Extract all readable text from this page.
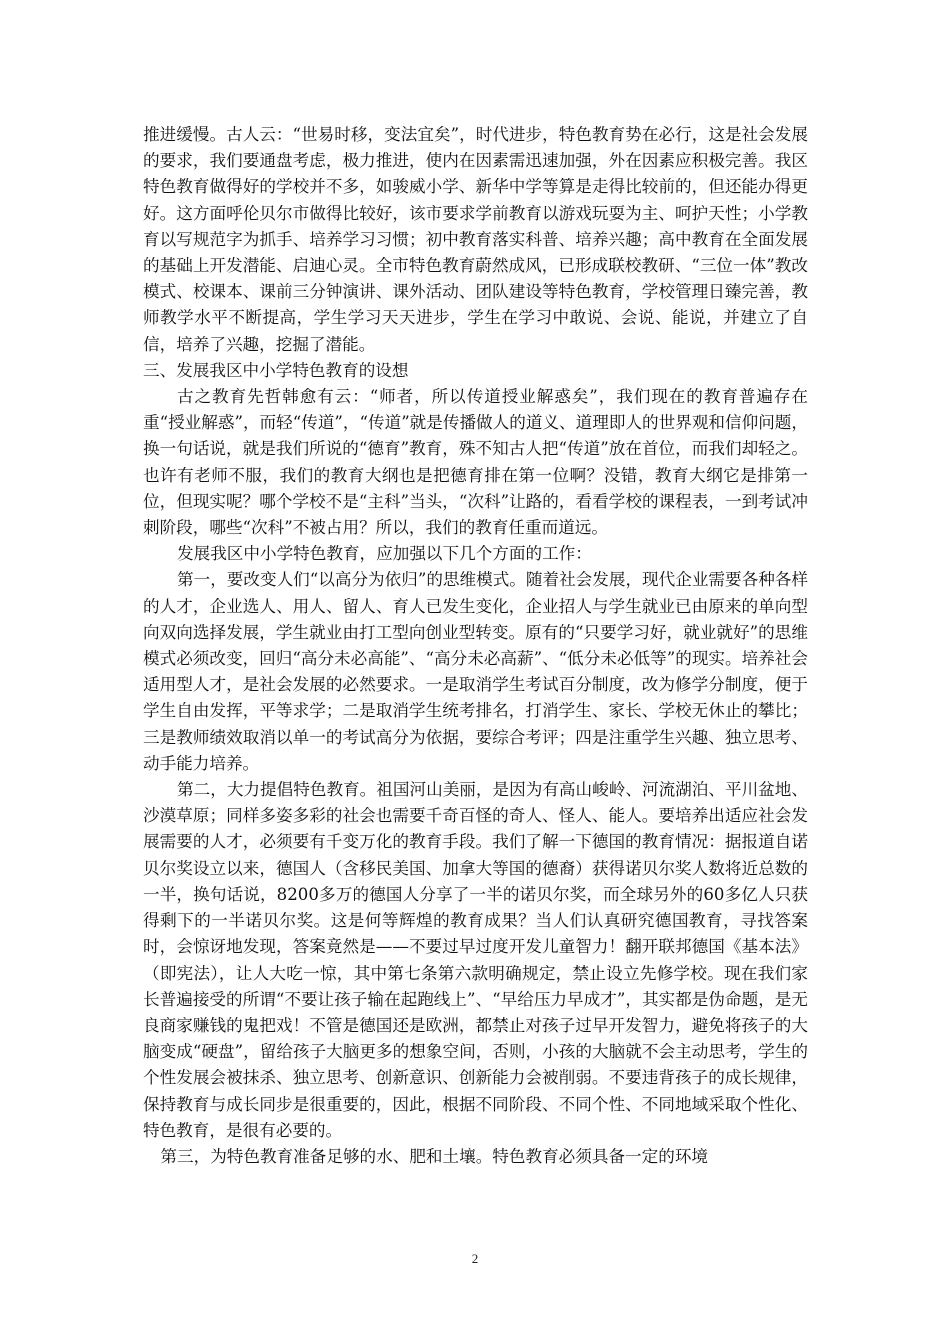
推进缓慢。古人云：“世易时移，变法宜矣”，时代进步，特色教育势在必行，这是社会发展的要求，我们要通盘考虑，极力推进，使内在因素需迅速加强，外在因素应积极完善。我区特色教育做得好的学校并不多，如骏威小学、新华中学等算是走得比较前的，但还能办得更好。这方面呼伦贝尔市做得比较好，该市要求学前教育以游戏玩耍为主、呵护天性；小学教育以写规范字为抓手、培养学习习惯；初中教育落实科普、培养兴趣；高中教育在全面发展的基础上开发潜能、启迪心灵。全市特色教育蔚然成风，已形成联校教研、“三位一体”教改模式、校课本、课前三分钟演讲、课外活动、团队建设等特色教育，学校管理日臻完善，教师教学水平不断提高，学生学习天天进步，学生在学习中敢说、会说、能说，并建立了自信，培养了兴趣，挖掘了潜能。

三、发展我区中小学特色教育的设想

古之教育先哲韩愈有云：“师者，所以传道授业解惑矣”，我们现在的教育普遍存在重“授业解惑”，而轻“传道”，“传道”就是传播做人的道义、道理即人的世界观和信仰问题，换一句话说，就是我们所说的“德育”教育，殊不知古人把“传道”放在首位，而我们却轻之。也许有老师不服，我们的教育大纲也是把德育排在第一位啊？没错，教育大纲它是排第一位，但现实呢？哪个学校不是“主科”当头，“次科”让路的，看看学校的课程表，一到考试冲刺阶段，哪些“次科”不被占用？所以，我们的教育任重而道远。

发展我区中小学特色教育，应加强以下几个方面的工作：

第一，要改变人们“以高分为依归”的思维模式。随着社会发展，现代企业需要各种各样的人才，企业选人、用人、留人、育人已发生变化，企业招人与学生就业已由原来的单向型向双向选择发展，学生就业由打工型向创业型转变。原有的“只要学习好，就业就好”的思维模式必须改变，回归“高分未必高能”、“高分未必高薪”、“低分未必低等”的现实。培养社会适用型人才，是社会发展的必然要求。一是取消学生考试百分制度，改为修学分制度，便于学生自由发挥，平等求学；二是取消学生统考排名，打消学生、家长、学校无休止的攀比；三是教师绩效取消以单一的考试高分为依据，要综合考评；四是注重学生兴趣、独立思考、动手能力培养。

第二，大力提倡特色教育。祖国河山美丽，是因为有高山峻岭、河流湖泊、平川盆地、沙漠草原；同样多姿多彩的社会也需要千奇百怪的奇人、怪人、能人。要培养出适应社会发展需要的人才，必须要有千变万化的教育手段。我们了解一下德国的教育情况：据报道自诺贝尔奖设立以来，德国人（含移民美国、加拿大等国的德裔）获得诺贝尔奖人数将近总数的一半，换句话说，8200多万的德国人分享了一半的诺贝尔奖，而全球另外的60多亿人只获得剩下的一半诺贝尔奖。这是何等辉煌的教育成果？当人们认真研究德国教育，寻找答案时，会惊讶地发现，答案竟然是——不要过早过度开发儿童智力！翻开联邦德国《基本法》（即宪法），让人大吃一惊，其中第七条第六款明确规定，禁止设立先修学校。现在我们家长普遍接受的所谓“不要让孩子输在起跑线上”、“早给压力早成才”，其实都是伪命题，是无良商家赚钱的鬼把戏！不管是德国还是欧洲，都禁止对孩子过早开发智力，避免将孩子的大脑变成“硬盘”，留给孩子大脑更多的想象空间，否则，小孩的大脑就不会主动思考，学生的个性发展会被抹杀、独立思考、创新意识、创新能力会被削弱。不要违背孩子的成长规律，保持教育与成长同步是很重要的，因此，根据不同阶段、不同个性、不同地域采取个性化、特色教育，是很有必要的。

第三，为特色教育准备足够的水、肥和土壤。特色教育必须具备一定的环境

2
